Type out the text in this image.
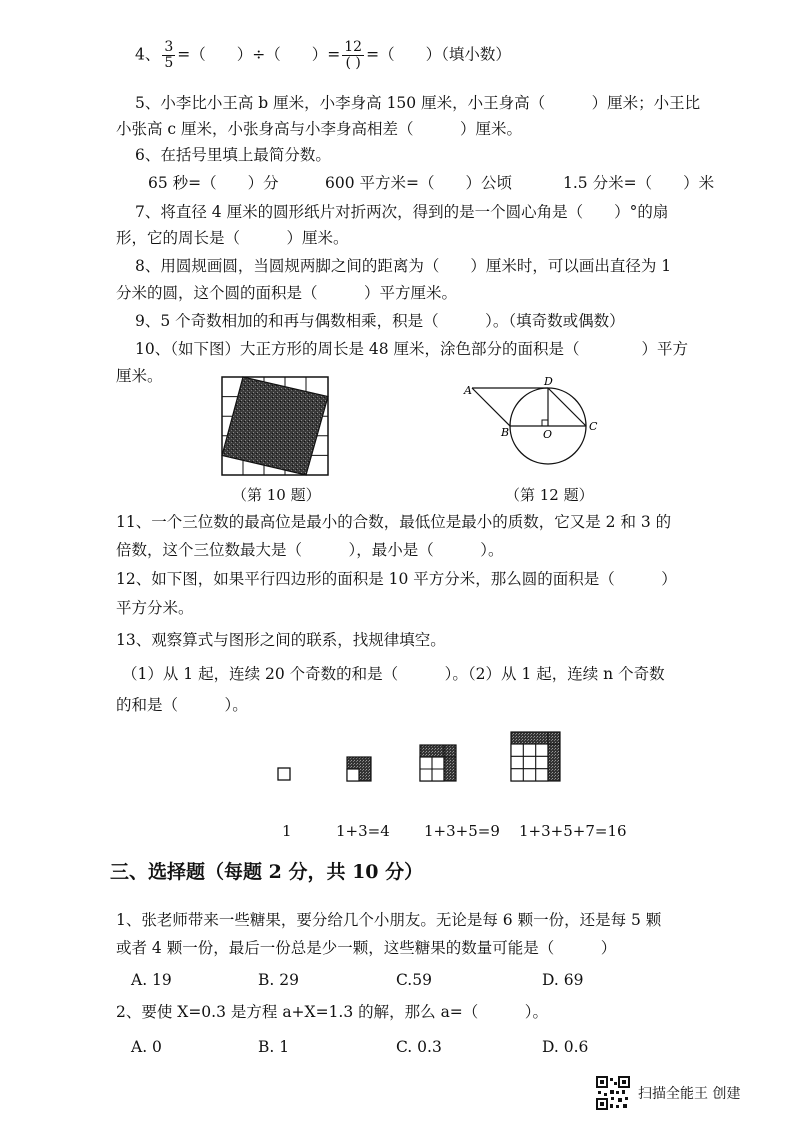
4、 $\frac{3}{5}$ =（　　）÷（　　）= $\frac{12}{( )}$ =（　　）（填小数）
5、小李比小王高 b 厘米，小李身高 150 厘米，小王身高（　　　）厘米；小王比
小张高 c 厘米，小张身高与小李身高相差（　　　）厘米。
6、在括号里填上最简分数。
65 秒=（　　）分	600 平方米=（　　）公顷	1.5 分米=（　　）米
7、将直径 4 厘米的圆形纸片对折两次，得到的是一个圆心角是（　　）°的扇
形，它的周长是（　　　）厘米。
8、用圆规画圆，当圆规两脚之间的距离为（　　）厘米时，可以画出直径为 1
分米的圆，这个圆的面积是（　　　）平方厘米。
9、5 个奇数相加的和再与偶数相乘，积是（　　　）。（填奇数或偶数）
10、（如下图）大正方形的周长是 48 厘米，涂色部分的面积是（　　　　）平方
厘米。
（第 10 题）
A
B	C
D
O
（第 12 题）
11、一个三位数的最高位是最小的合数，最低位是最小的质数，它又是 2 和 3 的
倍数，这个三位数最大是（　　　），最小是（　　　）。
12、如下图，如果平行四边形的面积是 10 平方分米，那么圆的面积是（　　　）
平方分米。
13、观察算式与图形之间的联系，找规律填空。
（1）从 1 起，连续 20 个奇数的和是（　　　）。（2）从 1 起，连续 n 个奇数
的和是（　　　）。
1	1+3=4 1+3+5=9 1+3+5+7=16
三、选择题（每题 2 分，共 10 分）
1、张老师带来一些糖果，要分给几个小朋友。无论是每 6 颗一份，还是每 5 颗
或者 4 颗一份，最后一份总是少一颗，这些糖果的数量可能是（　　　）
A. 19	B. 29	C.59	D. 69
2、要使 X=0.3 是方程 a+X=1.3 的解，那么 a=（　　　）。
A. 0	B. 1	C. 0.3	D. 0.6
扫描全能王 创建
